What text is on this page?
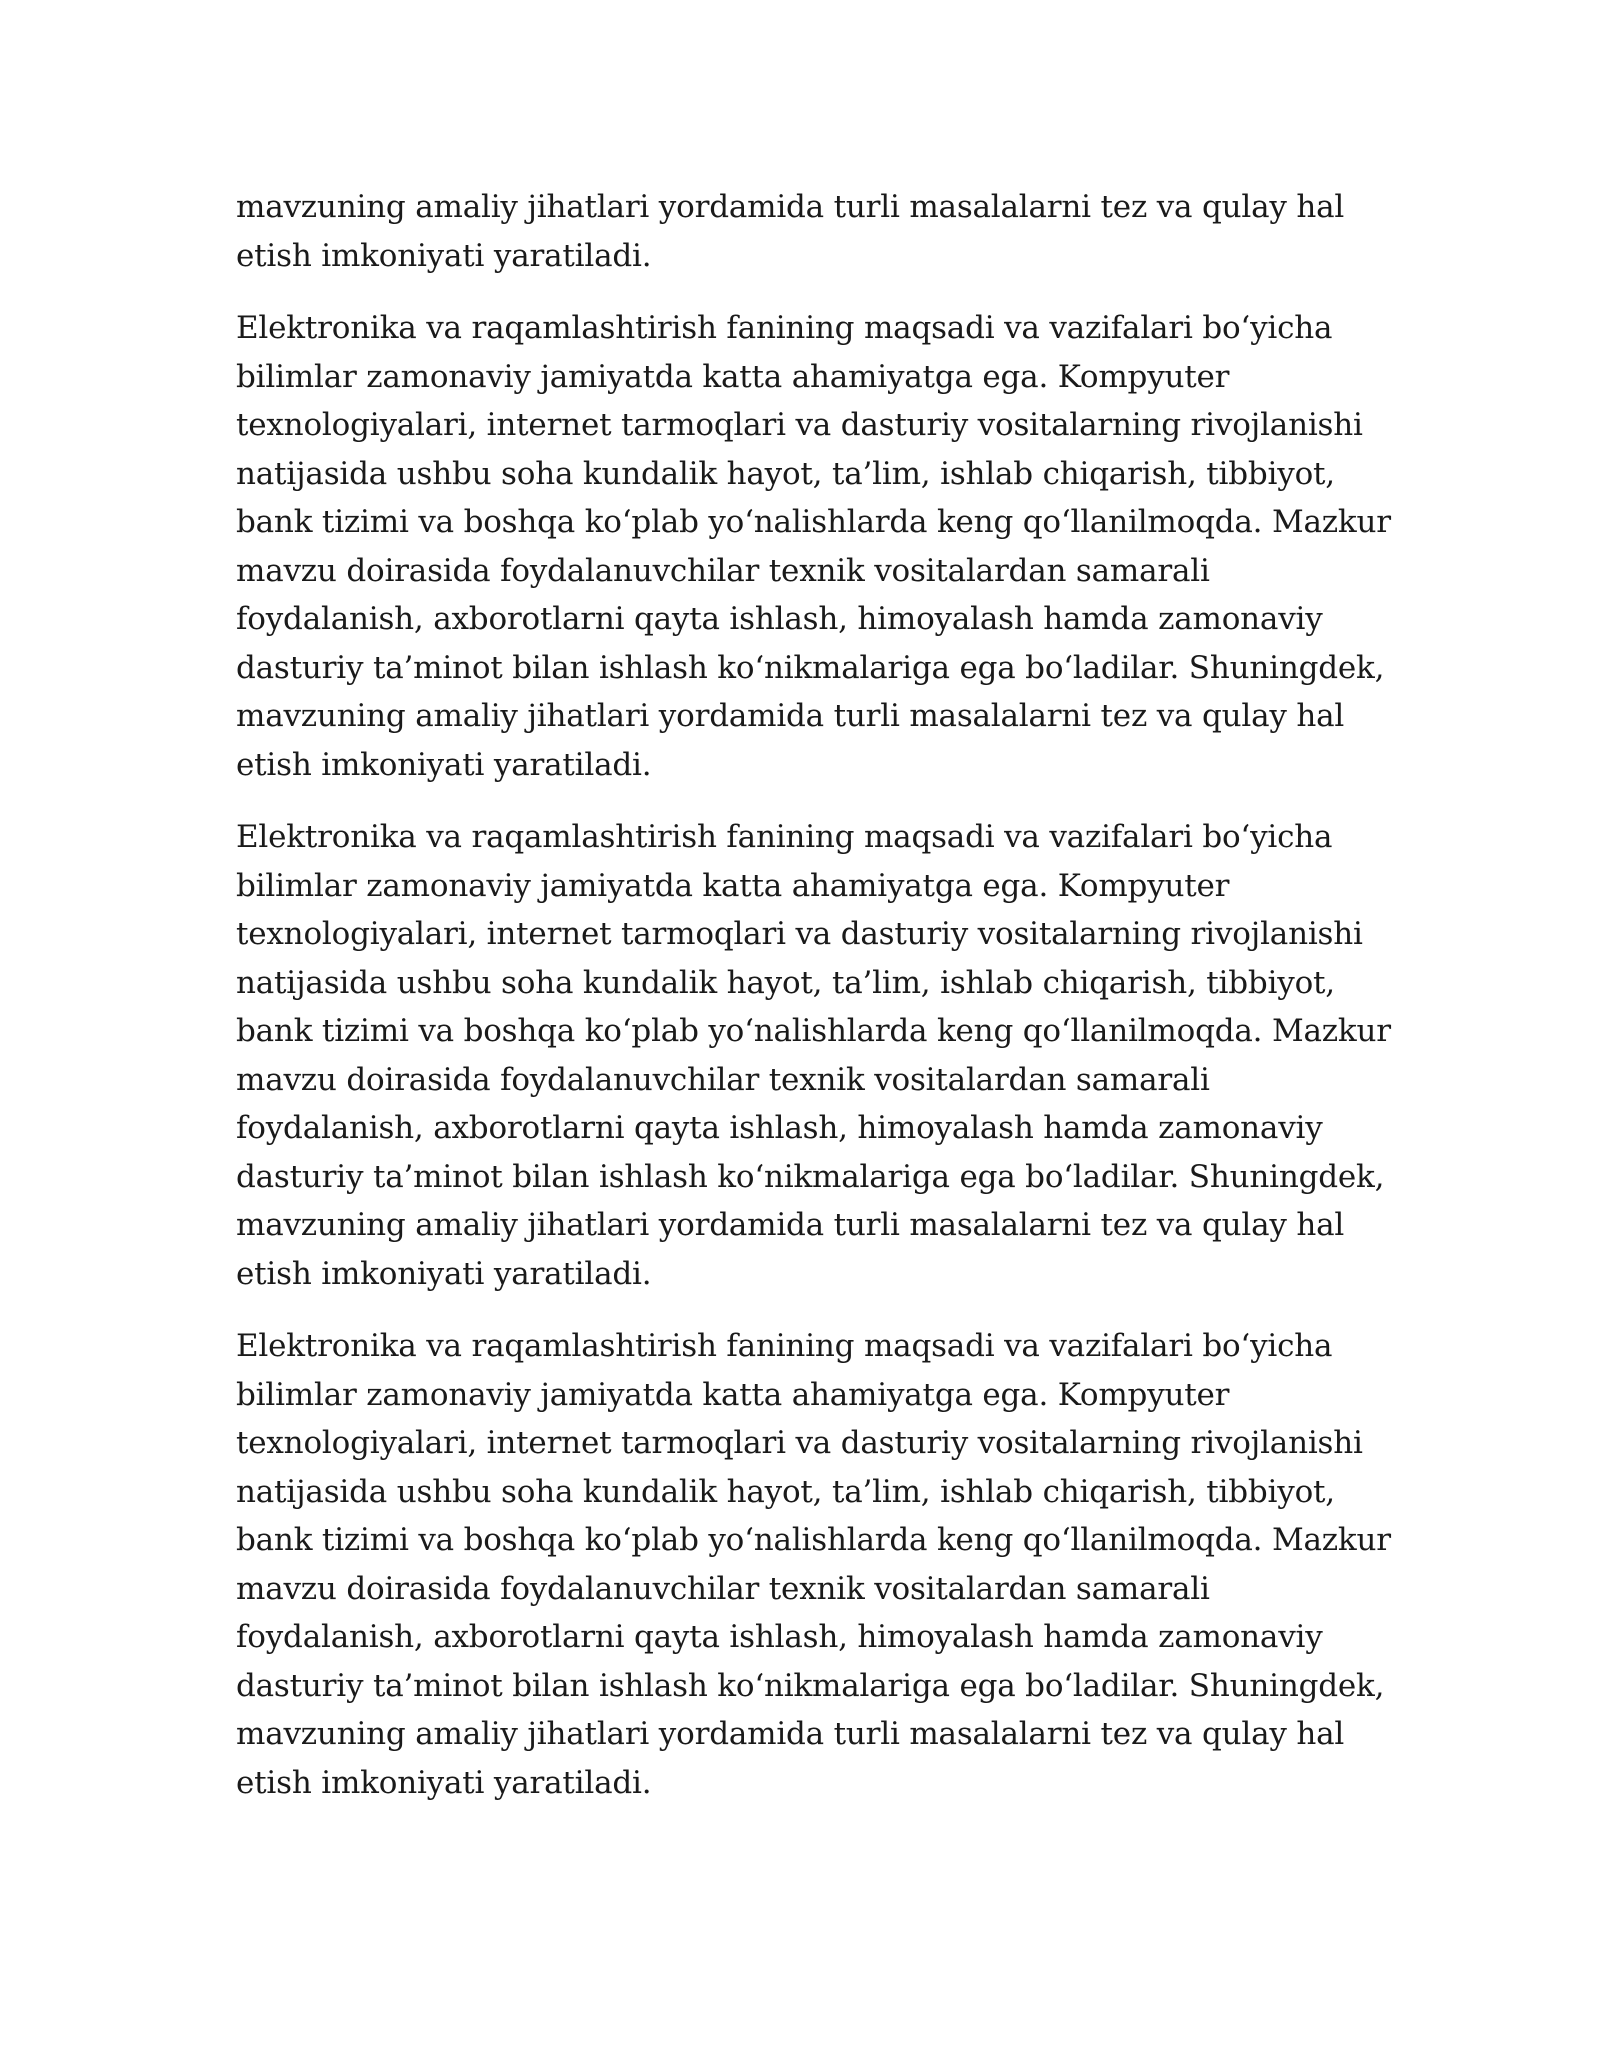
mavzuning amaliy jihatlari yordamida turli masalalarni tez va qulay hal
etish imkoniyati yaratiladi.

Elektronika va raqamlashtirish fanining maqsadi va vazifalari bo‘yicha
bilimlar zamonaviy jamiyatda katta ahamiyatga ega. Kompyuter
texnologiyalari, internet tarmoqlari va dasturiy vositalarning rivojlanishi
natijasida ushbu soha kundalik hayot, ta’lim, ishlab chiqarish, tibbiyot,
bank tizimi va boshqa ko‘plab yo‘nalishlarda keng qo‘llanilmoqda. Mazkur
mavzu doirasida foydalanuvchilar texnik vositalardan samarali
foydalanish, axborotlarni qayta ishlash, himoyalash hamda zamonaviy
dasturiy ta’minot bilan ishlash ko‘nikmalariga ega bo‘ladilar. Shuningdek,
mavzuning amaliy jihatlari yordamida turli masalalarni tez va qulay hal
etish imkoniyati yaratiladi.

Elektronika va raqamlashtirish fanining maqsadi va vazifalari bo‘yicha
bilimlar zamonaviy jamiyatda katta ahamiyatga ega. Kompyuter
texnologiyalari, internet tarmoqlari va dasturiy vositalarning rivojlanishi
natijasida ushbu soha kundalik hayot, ta’lim, ishlab chiqarish, tibbiyot,
bank tizimi va boshqa ko‘plab yo‘nalishlarda keng qo‘llanilmoqda. Mazkur
mavzu doirasida foydalanuvchilar texnik vositalardan samarali
foydalanish, axborotlarni qayta ishlash, himoyalash hamda zamonaviy
dasturiy ta’minot bilan ishlash ko‘nikmalariga ega bo‘ladilar. Shuningdek,
mavzuning amaliy jihatlari yordamida turli masalalarni tez va qulay hal
etish imkoniyati yaratiladi.

Elektronika va raqamlashtirish fanining maqsadi va vazifalari bo‘yicha
bilimlar zamonaviy jamiyatda katta ahamiyatga ega. Kompyuter
texnologiyalari, internet tarmoqlari va dasturiy vositalarning rivojlanishi
natijasida ushbu soha kundalik hayot, ta’lim, ishlab chiqarish, tibbiyot,
bank tizimi va boshqa ko‘plab yo‘nalishlarda keng qo‘llanilmoqda. Mazkur
mavzu doirasida foydalanuvchilar texnik vositalardan samarali
foydalanish, axborotlarni qayta ishlash, himoyalash hamda zamonaviy
dasturiy ta’minot bilan ishlash ko‘nikmalariga ega bo‘ladilar. Shuningdek,
mavzuning amaliy jihatlari yordamida turli masalalarni tez va qulay hal
etish imkoniyati yaratiladi.
